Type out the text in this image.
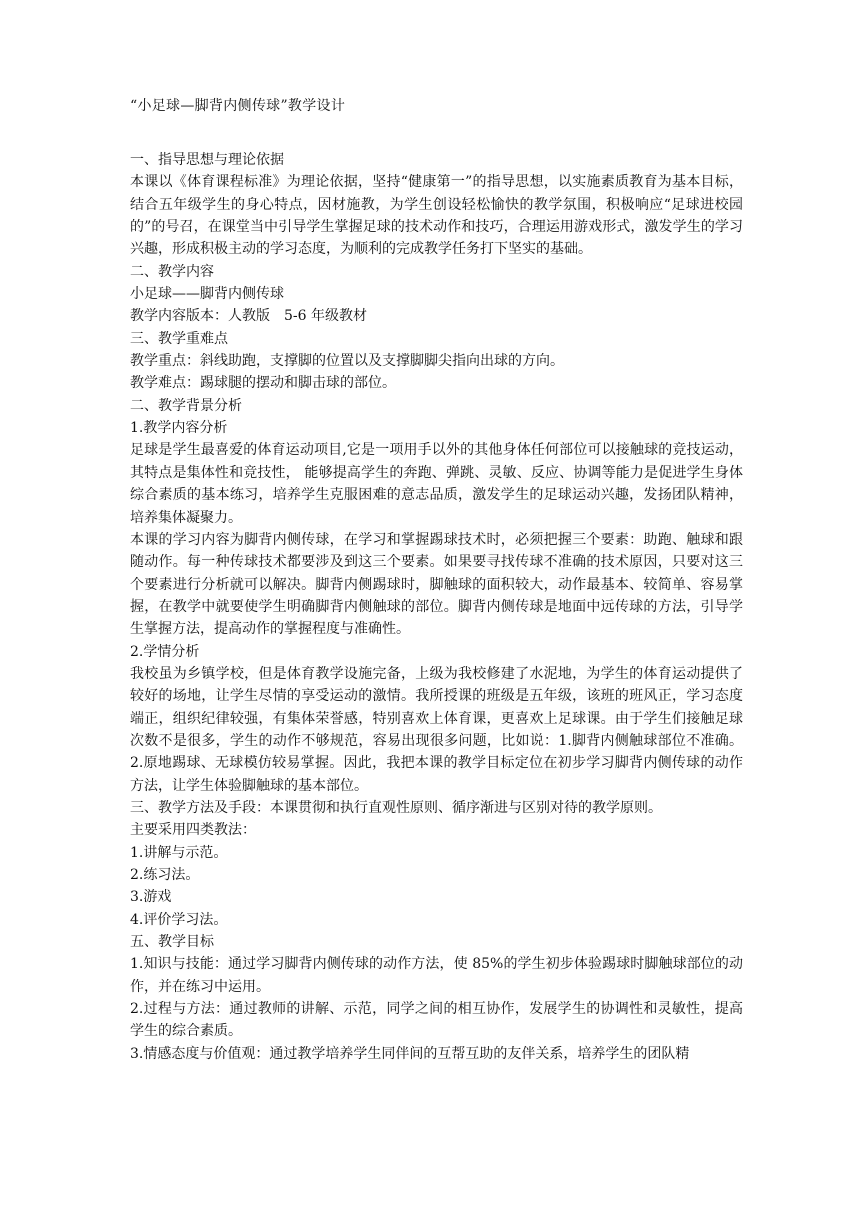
“小足球—脚背内侧传球”教学设计
一、指导思想与理论依据
本课以《体育课程标准》为理论依据，坚持“健康第一”的指导思想，以实施素质教育为基本目标，结合五年级学生的身心特点，因材施教，为学生创设轻松愉快的教学氛围，积极响应“足球进校园的”的号召，在课堂当中引导学生掌握足球的技术动作和技巧，合理运用游戏形式，激发学生的学习兴趣，形成积极主动的学习态度，为顺利的完成教学任务打下坚实的基础。
二、教学内容
小足球——脚背内侧传球
教学内容版本：人教版　5-6 年级教材
三、教学重难点
教学重点：斜线助跑，支撑脚的位置以及支撑脚脚尖指向出球的方向。
教学难点：踢球腿的摆动和脚击球的部位。
二、教学背景分析
1.教学内容分析
足球是学生最喜爱的体育运动项目,它是一项用手以外的其他身体任何部位可以接触球的竞技运动，其特点是集体性和竞技性， 能够提高学生的奔跑、弹跳、灵敏、反应、协调等能力是促进学生身体综合素质的基本练习，培养学生克服困难的意志品质，激发学生的足球运动兴趣，发扬团队精神，培养集体凝聚力。
本课的学习内容为脚背内侧传球，在学习和掌握踢球技术时，必须把握三个要素：助跑、触球和跟随动作。每一种传球技术都要涉及到这三个要素。如果要寻找传球不准确的技术原因，只要对这三个要素进行分析就可以解决。脚背内侧踢球时，脚触球的面积较大，动作最基本、较简单、容易掌握，在教学中就要使学生明确脚背内侧触球的部位。脚背内侧传球是地面中远传球的方法，引导学生掌握方法，提高动作的掌握程度与准确性。
2.学情分析
我校虽为乡镇学校，但是体育教学设施完备，上级为我校修建了水泥地，为学生的体育运动提供了较好的场地，让学生尽情的享受运动的激情。我所授课的班级是五年级，该班的班风正，学习态度端正，组织纪律较强，有集体荣誉感，特别喜欢上体育课，更喜欢上足球课。由于学生们接触足球次数不是很多，学生的动作不够规范，容易出现很多问题，比如说：1.脚背内侧触球部位不准确。2.原地踢球、无球模仿较易掌握。因此，我把本课的教学目标定位在初步学习脚背内侧传球的动作方法，让学生体验脚触球的基本部位。
三、教学方法及手段：本课贯彻和执行直观性原则、循序渐进与区别对待的教学原则。
主要采用四类教法：
1.讲解与示范。
2.练习法。
3.游戏
4.评价学习法。
五、教学目标
1.知识与技能：通过学习脚背内侧传球的动作方法，使 85%的学生初步体验踢球时脚触球部位的动作，并在练习中运用。
2.过程与方法：通过教师的讲解、示范，同学之间的相互协作，发展学生的协调性和灵敏性，提高学生的综合素质。
3.情感态度与价值观：通过教学培养学生同伴间的互帮互助的友伴关系，培养学生的团队精
